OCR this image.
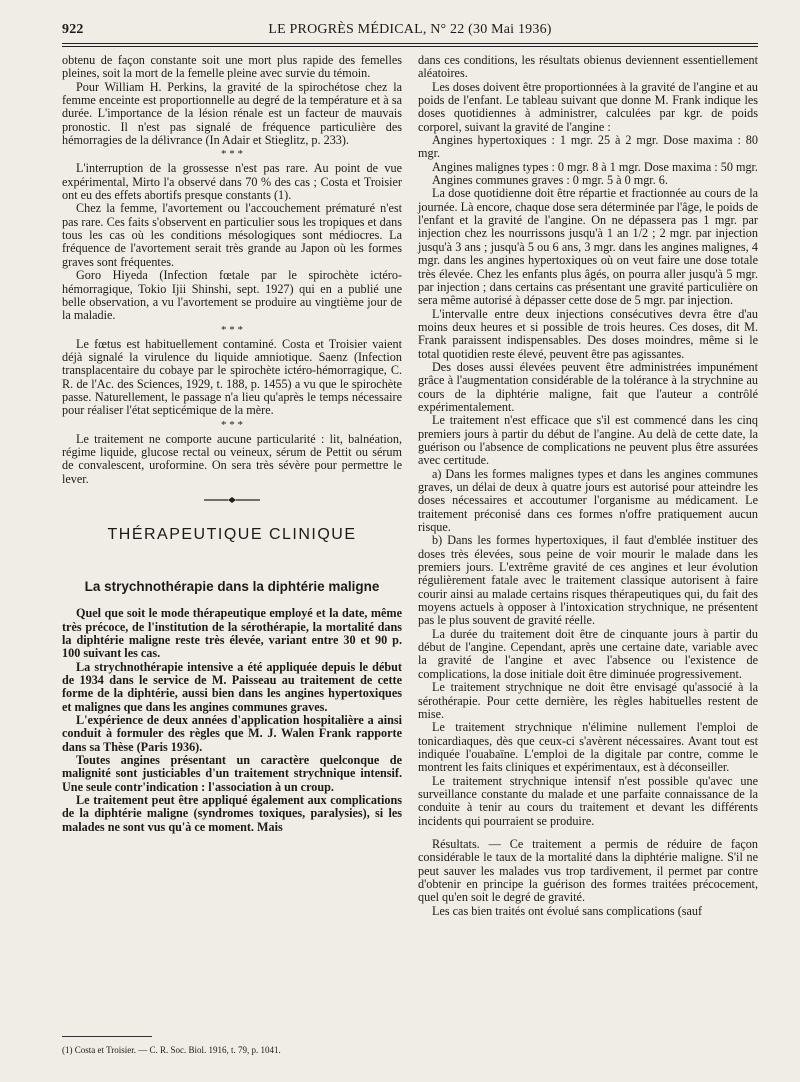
922	LE PROGRÈS MÉDICAL, N° 22 (30 Mai 1936)

obtenu de façon constante soit une mort plus rapide des femelles pleines, soit la mort de la femelle pleine avec survie du témoin.

Pour William H. Perkins, la gravité de la spirochétose chez la femme enceinte est proportionnelle au degré de la température et à sa durée. L'importance de la lésion rénale est un facteur de mauvais pronostic. Il n'est pas signalé de fréquence particulière des hémorragies de la délivrance (In Adair et Stieglitz, p. 233).

* * *

L'interruption de la grossesse n'est pas rare. Au point de vue expérimental, Mirto l'a observé dans 70 % des cas ; Costa et Troisier ont eu des effets abortifs presque constants (1).

Chez la femme, l'avortement ou l'accouchement prématuré n'est pas rare. Ces faits s'observent en particulier sous les tropiques et dans tous les cas où les conditions mésologiques sont médiocres. La fréquence de l'avortement serait très grande au Japon où les formes graves sont fréquentes.

Goro Hiyeda (Infection fœtale par le spirochète ictéro-hémorragique, Tokio Ijii Shinshi, sept. 1927) qui en a publié une belle observation, a vu l'avortement se produire au vingtième jour de la maladie.

* * *

Le fœtus est habituellement contaminé. Costa et Troisier vaient déjà signalé la virulence du liquide amniotique. Saenz (Infection transplacentaire du cobaye par le spirochète ictéro-hémorragique, C. R. de l'Ac. des Sciences, 1929, t. 188, p. 1455) a vu que le spirochète passe. Naturellement, le passage n'a lieu qu'après le temps nécessaire pour réaliser l'état septicémique de la mère.

* * *

Le traitement ne comporte aucune particularité : lit, balnéation, régime liquide, glucose rectal ou veineux, sérum de Pettit ou sérum de convalescent, uroformine. On sera très sévère pour permettre le lever.

THÉRAPEUTIQUE CLINIQUE
La strychnothérapie dans la diphtérie maligne

Quel que soit le mode thérapeutique employé et la date, même très précoce, de l'institution de la sérothérapie, la mortalité dans la diphtérie maligne reste très élevée, variant entre 30 et 90 p. 100 suivant les cas.

La strychnothérapie intensive a été appliquée depuis le début de 1934 dans le service de M. Paisseau au traitement de cette forme de la diphtérie, aussi bien dans les angines hypertoxiques et malignes que dans les angines communes graves.

L'expérience de deux années d'application hospitalière a ainsi conduit à formuler des règles que M. J. Walen Frank rapporte dans sa Thèse (Paris 1936).

Toutes angines présentant un caractère quelconque de malignité sont justiciables d'un traitement strychnique intensif. Une seule contr'indication : l'association à un croup.

Le traitement peut être appliqué également aux complications de la diphtérie maligne (syndromes toxiques, paralysies), si les malades ne sont vus qu'à ce moment. Mais

(1) Costa et Troisier. — C. R. Soc. Biol. 1916, t. 79, p. 1041.

dans ces conditions, les résultats obienus deviennent essentiellement aléatoires.

Les doses doivent être proportionnées à la gravité de l'angine et au poids de l'enfant. Le tableau suivant que donne M. Frank indique les doses quotidiennes à administrer, calculées par kgr. de poids corporel, suivant la gravité de l'angine :

Angines hypertoxiques : 1 mgr. 25 à 2 mgr. Dose maxima : 80 mgr.

Angines malignes types : 0 mgr. 8 à 1 mgr. Dose maxima : 50 mgr.

Angines communes graves : 0 mgr. 5 à 0 mgr. 6.

La dose quotidienne doit être répartie et fractionnée au cours de la journée. Là encore, chaque dose sera déterminée par l'âge, le poids de l'enfant et la gravité de l'angine. On ne dépassera pas 1 mgr. par injection chez les nourrissons jusqu'à 1 an 1/2 ; 2 mgr. par injection jusqu'à 3 ans ; jusqu'à 5 ou 6 ans, 3 mgr. dans les angines malignes, 4 mgr. dans les angines hypertoxiques où on veut faire une dose totale très élevée. Chez les enfants plus âgés, on pourra aller jusqu'à 5 mgr. par injection ; dans certains cas présentant une gravité particulière on sera même autorisé à dépasser cette dose de 5 mgr. par injection.

L'intervalle entre deux injections consécutives devra être d'au moins deux heures et si possible de trois heures. Ces doses, dit M. Frank paraissent indispensables. Des doses moindres, même si le total quotidien reste élevé, peuvent être pas agissantes.

Des doses aussi élevées peuvent être administrées impunément grâce à l'augmentation considérable de la tolérance à la strychnine au cours de la diphtérie maligne, fait que l'auteur a contrôlé expérimentalement.

Le traitement n'est efficace que s'il est commencé dans les cinq premiers jours à partir du début de l'angine. Au delà de cette date, la guérison ou l'absence de complications ne peuvent plus être assurées avec certitude.

a) Dans les formes malignes types et dans les angines communes graves, un délai de deux à quatre jours est autorisé pour atteindre les doses nécessaires et accoutumer l'organisme au médicament. Le traitement préconisé dans ces formes n'offre pratiquement aucun risque.

b) Dans les formes hypertoxiques, il faut d'emblée instituer des doses très élevées, sous peine de voir mourir le malade dans les premiers jours. L'extrême gravité de ces angines et leur évolution régulièrement fatale avec le traitement classique autorisent à faire courir ainsi au malade certains risques thérapeutiques qui, du fait des moyens actuels à opposer à l'intoxication strychnique, ne présentent pas le plus souvent de gravité réelle.

La durée du traitement doit être de cinquante jours à partir du début de l'angine. Cependant, après une certaine date, variable avec la gravité de l'angine et avec l'absence ou l'existence de complications, la dose initiale doit être diminuée progressivement.

Le traitement strychnique ne doit être envisagé qu'associé à la sérothérapie. Pour cette dernière, les règles habituelles restent de mise.

Le traitement strychnique n'élimine nullement l'emploi de tonicardiaques, dès que ceux-ci s'avèrent nécessaires. Avant tout est indiquée l'ouabaïne. L'emploi de la digitale par contre, comme le montrent les faits cliniques et expérimentaux, est à déconseiller.

Le traitement strychnique intensif n'est possible qu'avec une surveillance constante du malade et une parfaite connaissance de la conduite à tenir au cours du traitement et devant les différents incidents qui pourraient se produire.

Résultats. — Ce traitement a permis de réduire de façon considérable le taux de la mortalité dans la diphtérie maligne. S'il ne peut sauver les malades vus trop tardivement, il permet par contre d'obtenir en principe la guérison des formes traitées précocement, quel qu'en soit le degré de gravité.

Les cas bien traités ont évolué sans complications (sauf
